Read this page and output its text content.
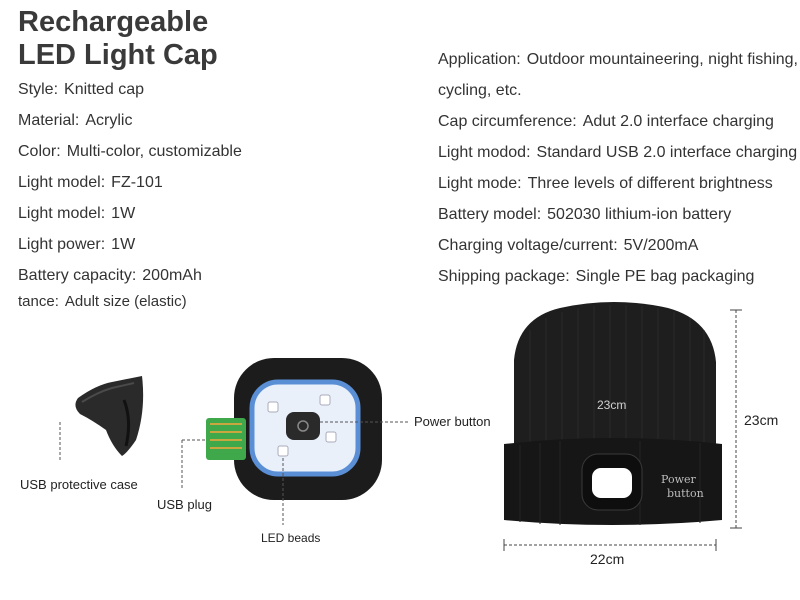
Rechargeable
LED Light Cap
Style: Knitted cap
Material: Acrylic
Color: Multi-color, customizable
Light model: FZ-101
Light model: 1W
Light power: 1W
Battery capacity: 200mAh
tance: Adult size (elastic)
Application: Outdoor mountaineering, night fishing,
cycling, etc.
Cap circumference: Adut 2.0 interface charging
Light modod: Standard USB 2.0 interface charging
Light mode: Three levels of different brightness
Battery model: 502030 lithium-ion battery
Charging voltage/current: 5V/200mA
Shipping package: Single PE bag packaging
USB protective case
Power button
USB plug
LED beads
23cm
23cm
22cm
Power
button
